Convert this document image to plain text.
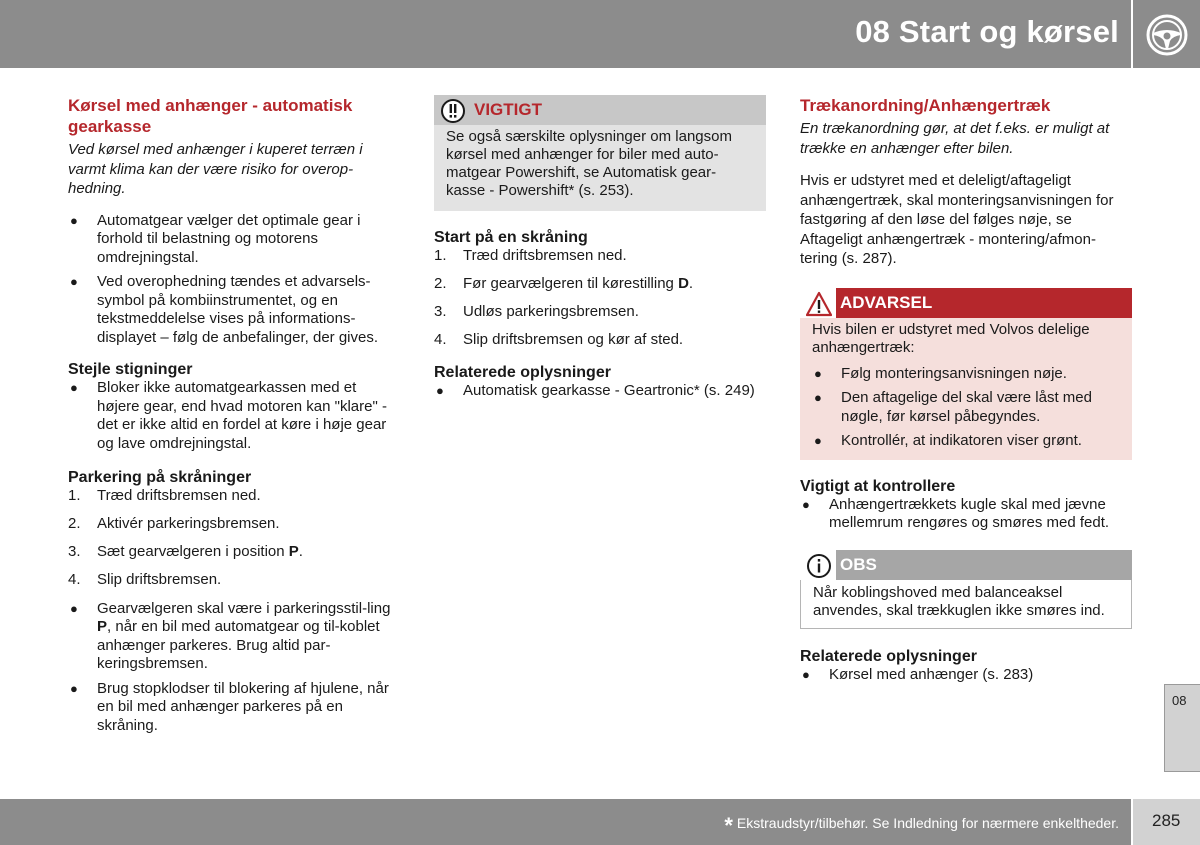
08 Start og kørsel
Kørsel med anhænger - automatisk gearkasse

Ved kørsel med anhænger i kuperet terræn i varmt klima kan der være risiko for overop-hedning.

● Automatgear vælger det optimale gear i forhold til belastning og motorens omdrejningstal.
● Ved overophedning tændes et advarsels-symbol på kombiinstrumentet, og en tekstmeddelelse vises på informations-displayet – følg de anbefalinger, der gives.
Stejle stigninger
● Bloker ikke automatgearkassen med et højere gear, end hvad motoren kan "klare" - det er ikke altid en fordel at køre i høje gear og lave omdrejningstal.
Parkering på skråninger
1. Træd driftsbremsen ned.
2. Aktivér parkeringsbremsen.
3. Sæt gearvælgeren i position P.
4. Slip driftsbremsen.
● Gearvælgeren skal være i parkeringsstil-ling P, når en bil med automatgear og til-koblet anhænger parkeres. Brug altid par-keringsbremsen.
● Brug stopklodser til blokering af hjulene, når en bil med anhænger parkeres på en skråning.
VIGTIGT
Se også særskilte oplysninger om langsom kørsel med anhænger for biler med auto-matgear Powershift, se Automatisk gear-kasse - Powershift* (s. 253).
Start på en skråning
1. Træd driftsbremsen ned.
2. Før gearvælgeren til kørestilling D.
3. Udløs parkeringsbremsen.
4. Slip driftsbremsen og kør af sted.
Relaterede oplysninger
● Automatisk gearkasse - Geartronic* (s. 249)
Trækanordning/Anhængertræk

En trækanordning gør, at det f.eks. er muligt at trække en anhænger efter bilen.

Hvis er udstyret med et deleligt/aftageligt anhængertræk, skal monteringsanvisningen for fastgøring af den løse del følges nøje, se Aftageligt anhængertræk - montering/afmon-tering (s. 287).

ADVARSEL
Hvis bilen er udstyret med Volvos delelige anhængertræk:
● Følg monteringsanvisningen nøje.
● Den aftagelige del skal være låst med nøgle, før kørsel påbegyndes.
● Kontrollér, at indikatoren viser grønt.
Vigtigt at kontrollere
● Anhængertrækkets kugle skal med jævne mellemrum rengøres og smøres med fedt.
OBS
Når koblingshoved med balanceaksel anvendes, skal trækkuglen ikke smøres ind.
Relaterede oplysninger
● Kørsel med anhænger (s. 283)
08
* Ekstraudstyr/tilbehør. Se Indledning for nærmere enkeltheder. 285
